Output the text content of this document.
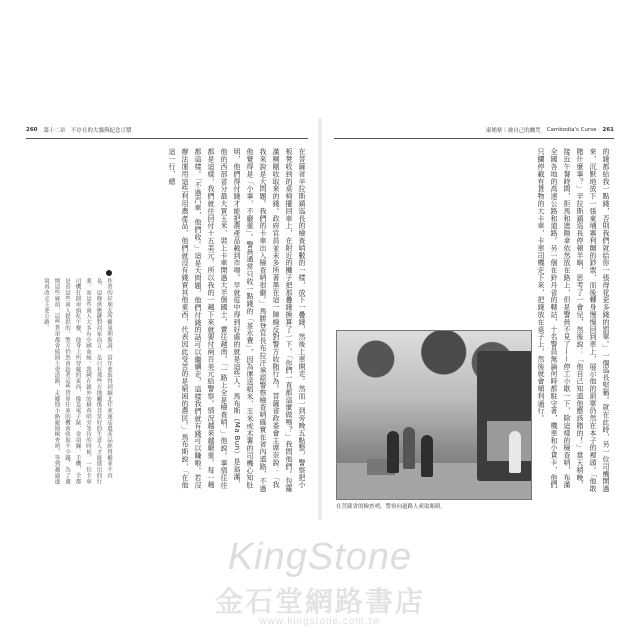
260 第十二章　不存在的大貓與紀念豆漿
在菩薩省辛拉斯鎮巡長的檢查哨數的一樣，放下一疊錢，然後上車開走。然而一到旁晚五點整，警察把小板凳收到的桌椅擺回車上，在附近的攤子把那疊錢換算了一下。「你們一直都這麼做嗎？」我問他們。包羅滿稠剛收取來的錢。政府官員並未多所著墨在這一陣線反對警方收賄行為。菩薩省政委會主席奈說：「我我來說是大問題。我們的卡車出入檢查哨很嚴。」馬勝登官長布拉汗承認警察檢查哨確實在省內道路，不過他覺得是「小事，不嚴重」。警員通常只收一點錢的「茶水費」，因為運送稻米、玉米或木薯的司機心知肚明，他們得付錢才能把農產品載到市場。早就從中得到好處的就是這些人。馬布斯（Ma Bun）是翁滿，他的西部省分最大買玉米、裝上卡車開過大半個國土，賣往越南。「一路上全是檢查哨，」他說。事情往往都是這樣，我們就往回付十五美元。所以我的一趟下來就要付兩百美元給警察。情況越來越嚴重。每一趟都這樣。「不過汽車，他們收。」這是大問題，他們付錢的話可以繼續走，這樣我們就有錢可以賺啦。若沒辦法運用這些利用農產品，他們就沒有錢買其他東西，代表因此受苦的是窮困的農民。」馬布斯說，「在他這一行，總
作者的好朋友所羅曼利斯說，當年要取得到緬北往來運送農產品經營權並不容易，這條供應鏈對商家而言，是只有那些在地關係非常好的生意人才能進出的行業。而這些商人大多有中國血統。我國在鎮外的檢查哨旁等待的時候，一位卡車司機打開車頭吃午餐，他身上所穿戴的東西，像是電子錶、金項鍊、手機，全都是由這些商人提供的。警方仍然會趁著這些貨車往來的機會收取不少錢，為了避開這些麻煩，這些貨車都會繞開主要道路，走鄉間小路避開檢查哨，等到越過邊境再改走主要公路。
柬埔寨｜被自己的纏咒 Cambodia's Curse 261
的錢都給我一點錢，否則我們就給你一張得花更多錢的罰單。」一個巡長堅稱。就在此時，另一位司機開過來，沉默地放下一張東埔寨利爾的鈔票，而後轉身慢慢回到車上，展示他的罰單仍然在本子的裡頭。「他敢賭什麼事？」辛拉斯鎮巡長停頓半晌，思考了一會兒，然後說：「他自己知道他應該賭的！」當天稍晚，接近午餐時間，拒馬和遮陽傘依然放在路上，但是警員不見了——停工小歇一下，除這樣的檢查哨，布滿全國各地的高速公路和道路。另一個在鈴丹省的轄站，十名警員無論何時都駐守著，機車和小貨卡，他們只攔停載有貨物的大卡車，卡車司機走下來，把錢放在桌子上，然後就會順利通行。
在菩薩省的檢查哨，警察向過路人索取賄賂。
KingStone
金石堂網路書店
www.kingstone.com.tw
